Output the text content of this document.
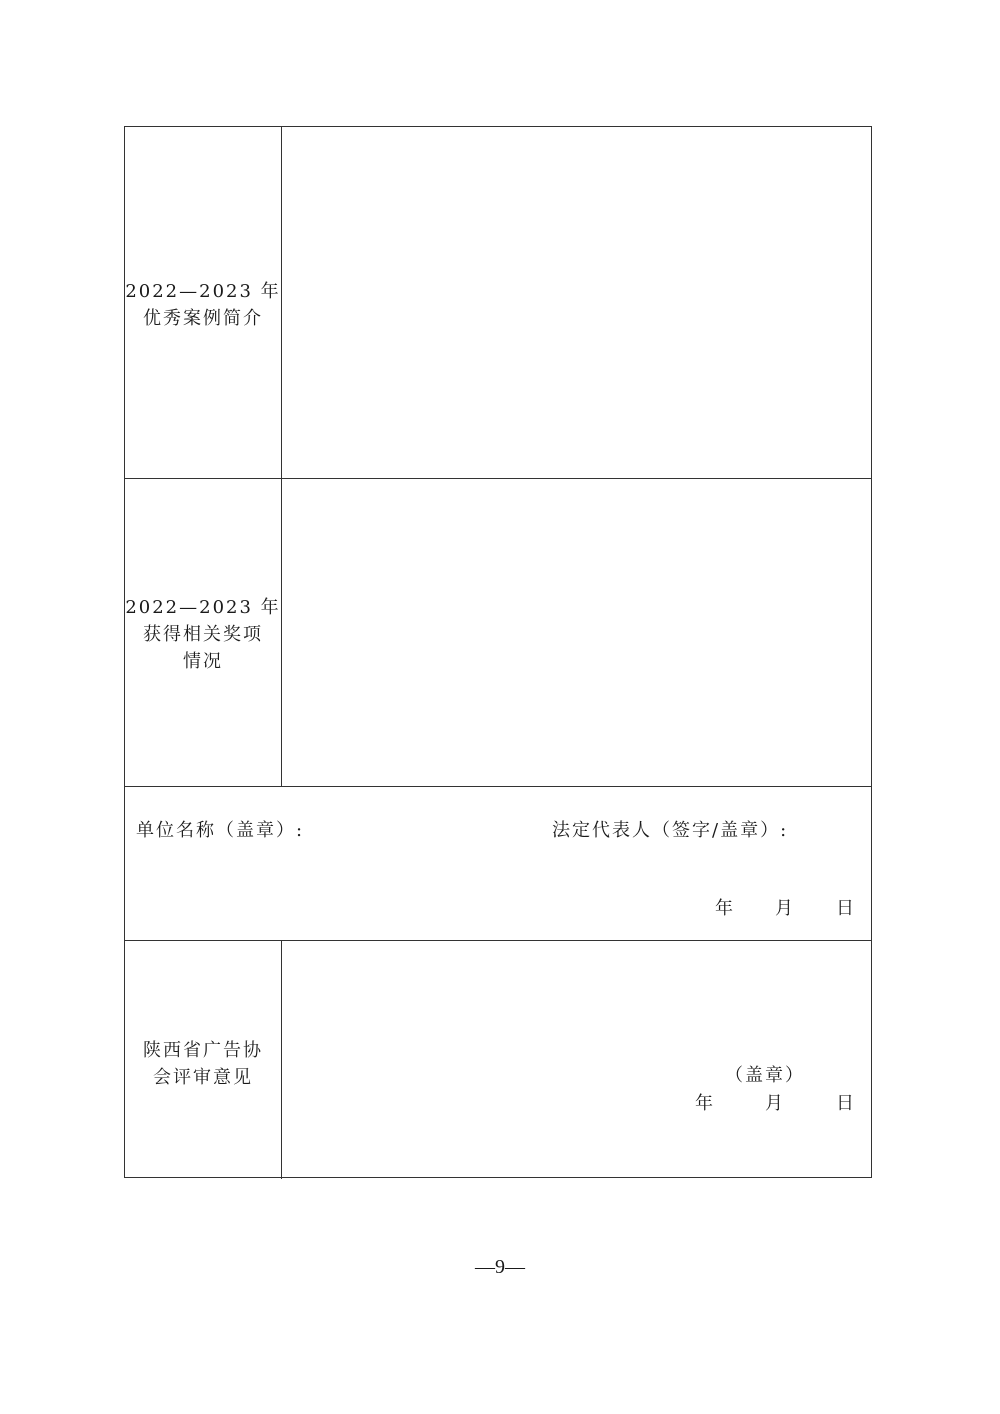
2022—2023 年
优秀案例简介
2022—2023 年
获得相关奖项
情况
单位名称（盖章）:	法定代表人（签字/盖章）:
年 月 日
陕西省广告协
会评审意见	（盖章）
年	月	日
—9—
